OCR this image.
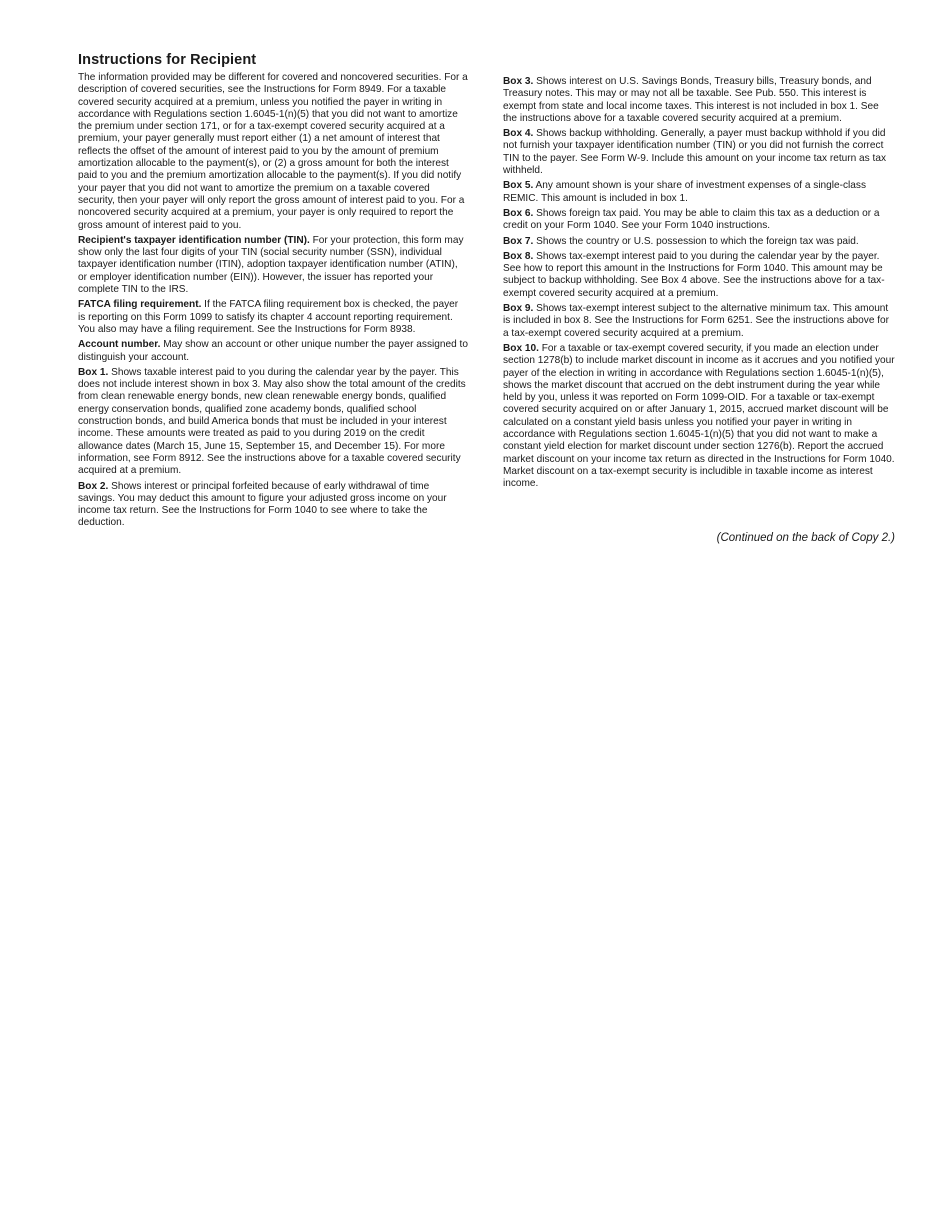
Instructions for Recipient

The information provided may be different for covered and noncovered securities. For a description of covered securities, see the Instructions for Form 8949. For a taxable covered security acquired at a premium, unless you notified the payer in writing in accordance with Regulations section 1.6045-1(n)(5) that you did not want to amortize the premium under section 171, or for a tax-exempt covered security acquired at a premium, your payer generally must report either (1) a net amount of interest that reflects the offset of the amount of interest paid to you by the amount of premium amortization allocable to the payment(s), or (2) a gross amount for both the interest paid to you and the premium amortization allocable to the payment(s). If you did notify your payer that you did not want to amortize the premium on a taxable covered security, then your payer will only report the gross amount of interest paid to you. For a noncovered security acquired at a premium, your payer is only required to report the gross amount of interest paid to you.

Recipient's taxpayer identification number (TIN). For your protection, this form may show only the last four digits of your TIN (social security number (SSN), individual taxpayer identification number (ITIN), adoption taxpayer identification number (ATIN), or employer identification number (EIN)). However, the issuer has reported your complete TIN to the IRS.

FATCA filing requirement. If the FATCA filing requirement box is checked, the payer is reporting on this Form 1099 to satisfy its chapter 4 account reporting requirement. You also may have a filing requirement. See the Instructions for Form 8938.

Account number. May show an account or other unique number the payer assigned to distinguish your account.

Box 1. Shows taxable interest paid to you during the calendar year by the payer. This does not include interest shown in box 3. May also show the total amount of the credits from clean renewable energy bonds, new clean renewable energy bonds, qualified energy conservation bonds, qualified zone academy bonds, qualified school construction bonds, and build America bonds that must be included in your interest income. These amounts were treated as paid to you during 2019 on the credit allowance dates (March 15, June 15, September 15, and December 15). For more information, see Form 8912. See the instructions above for a taxable covered security acquired at a premium.

Box 2. Shows interest or principal forfeited because of early withdrawal of time savings. You may deduct this amount to figure your adjusted gross income on your income tax return. See the Instructions for Form 1040 to see where to take the deduction.

Box 3. Shows interest on U.S. Savings Bonds, Treasury bills, Treasury bonds, and Treasury notes. This may or may not all be taxable. See Pub. 550. This interest is exempt from state and local income taxes. This interest is not included in box 1. See the instructions above for a taxable covered security acquired at a premium.

Box 4. Shows backup withholding. Generally, a payer must backup withhold if you did not furnish your taxpayer identification number (TIN) or you did not furnish the correct TIN to the payer. See Form W-9. Include this amount on your income tax return as tax withheld.

Box 5. Any amount shown is your share of investment expenses of a single-class REMIC. This amount is included in box 1.

Box 6. Shows foreign tax paid. You may be able to claim this tax as a deduction or a credit on your Form 1040. See your Form 1040 instructions.

Box 7. Shows the country or U.S. possession to which the foreign tax was paid.

Box 8. Shows tax-exempt interest paid to you during the calendar year by the payer. See how to report this amount in the Instructions for Form 1040. This amount may be subject to backup withholding. See Box 4 above. See the instructions above for a tax-exempt covered security acquired at a premium.

Box 9. Shows tax-exempt interest subject to the alternative minimum tax. This amount is included in box 8. See the Instructions for Form 6251. See the instructions above for a tax-exempt covered security acquired at a premium.

Box 10. For a taxable or tax-exempt covered security, if you made an election under section 1278(b) to include market discount in income as it accrues and you notified your payer of the election in writing in accordance with Regulations section 1.6045-1(n)(5), shows the market discount that accrued on the debt instrument during the year while held by you, unless it was reported on Form 1099-OID. For a taxable or tax-exempt covered security acquired on or after January 1, 2015, accrued market discount will be calculated on a constant yield basis unless you notified your payer in writing in accordance with Regulations section 1.6045-1(n)(5) that you did not want to make a constant yield election for market discount under section 1276(b). Report the accrued market discount on your income tax return as directed in the Instructions for Form 1040. Market discount on a tax-exempt security is includible in taxable income as interest income.

(Continued on the back of Copy 2.)
